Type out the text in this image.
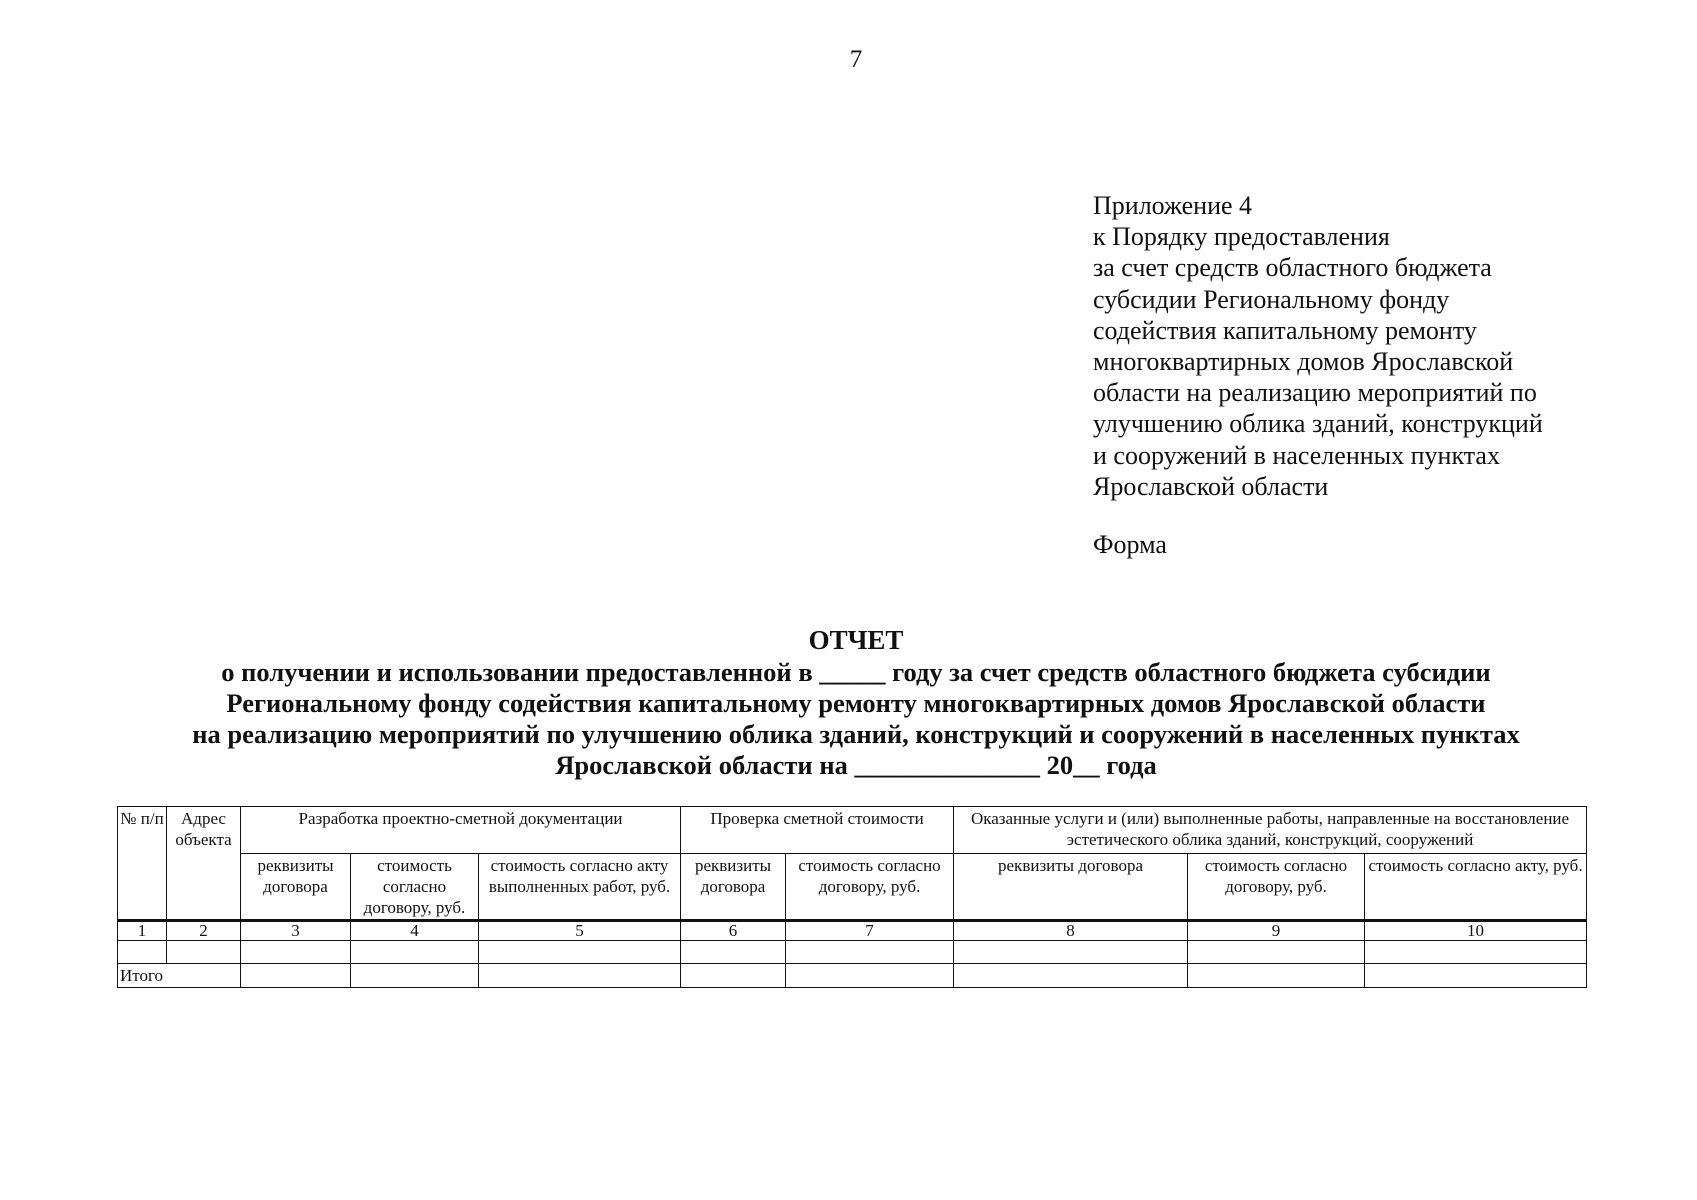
7
Приложение 4
к Порядку предоставления
за счет средств областного бюджета
субсидии Региональному фонду
содействия капитальному ремонту
многоквартирных домов Ярославской
области на реализацию мероприятий по
улучшению облика зданий, конструкций
и сооружений в населенных пунктах
Ярославской области
Форма
ОТЧЕТ
о получении и использовании предоставленной в _____ году за счет средств областного бюджета субсидии
Региональному фонду содействия капитальному ремонту многоквартирных домов Ярославской области
на реализацию мероприятий по улучшению облика зданий, конструкций и сооружений в населенных пунктах
Ярославской области на ______________ 20__ года
№ п/п	Адрес объекта	Разработка проектно-сметной документации			Проверка сметной стоимости		Оказанные услуги и (или) выполненные работы, направленные на восстановление эстетического облика зданий, конструкций, сооружений		
		реквизиты договора	стоимость согласно договору, руб.	стоимость согласно акту выполненных работ, руб.	реквизиты договора	стоимость согласно договору, руб.	реквизиты договора	стоимость согласно договору, руб.	стоимость согласно акту, руб.
1	2	3	4	5	6	7	8	9	10

Итого									
